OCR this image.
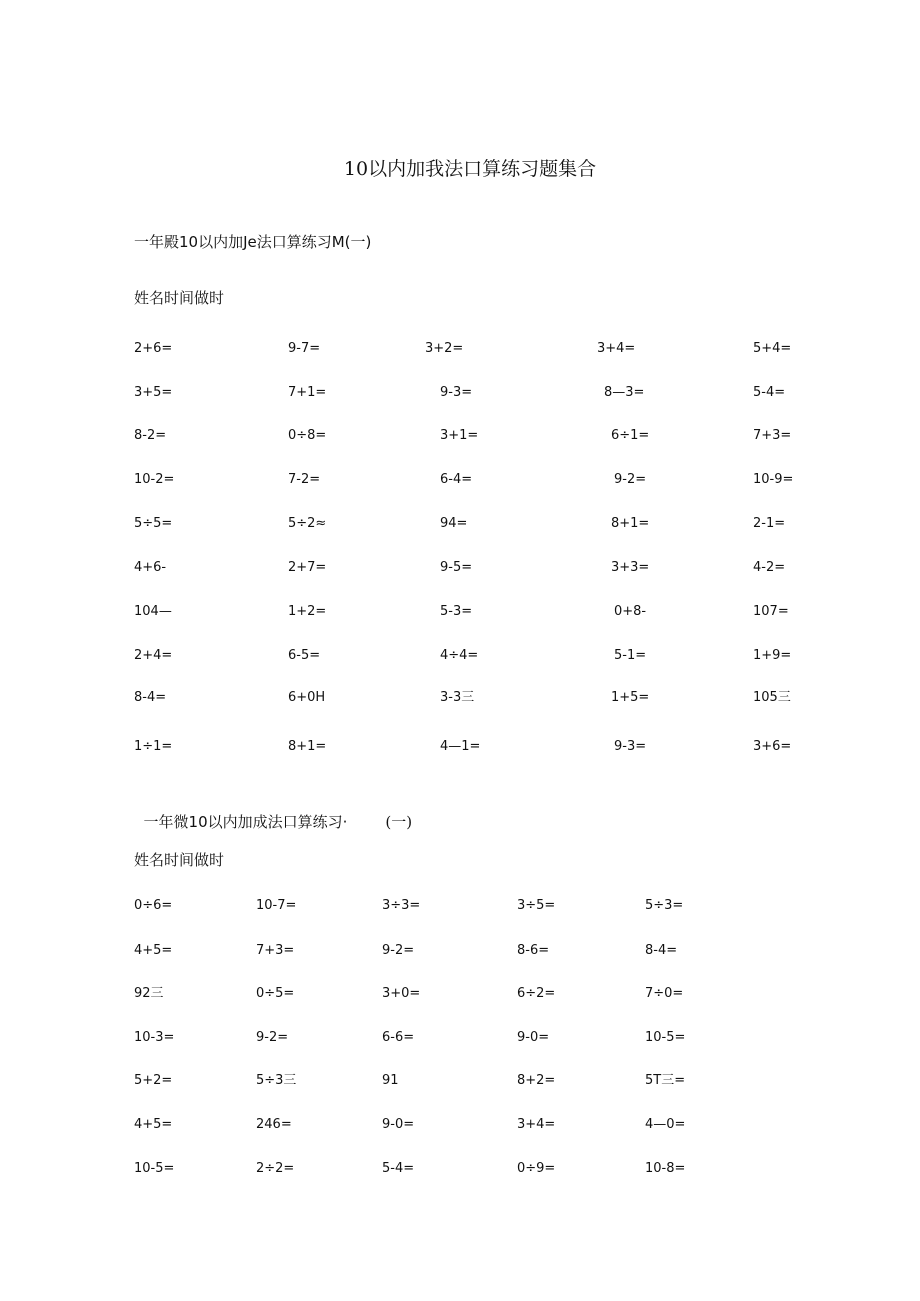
10以内加我法口算练习题集合
一年殿10以内加Je法口算练习M(一)
姓名时间做时
2+6=	9-7=	3+2=	3+4=	5+4=
3+5=	7+1=	9-3=	8—3=	5-4=
8-2=	0÷8=	3+1=	6÷1=	7+3=
10-2=	7-2=	6-4=	9-2=	10-9=
5÷5=	5÷2≈	94=	8+1=	2-1=
4+6-	2+7=	9-5=	3+3=	4-2=
104—	1+2=	5-3=	0+8-	107=
2+4=	6-5=	4÷4=	5-1=	1+9=
8-4=	6+0H	3-3三	1+5=	105三
1÷1=	8+1=	4—1=	9-3=	3+6=

一年微10以内加成法口算练习·	(一)

姓名时间做时
0÷6=	10-7=	3÷3=	3÷5=	5÷3=
4+5=	7+3=	9-2=	8-6=	8-4=
92三	0÷5=	3+0=	6÷2=	7÷0=
10-3=	9-2=	6-6=	9-0=	10-5=
5+2=	5÷3三	91	8+2=	5T三=
4+5=	246=	9-0=	3+4=	4—0=
10-5=	2÷2=	5-4=	0÷9=	10-8=
